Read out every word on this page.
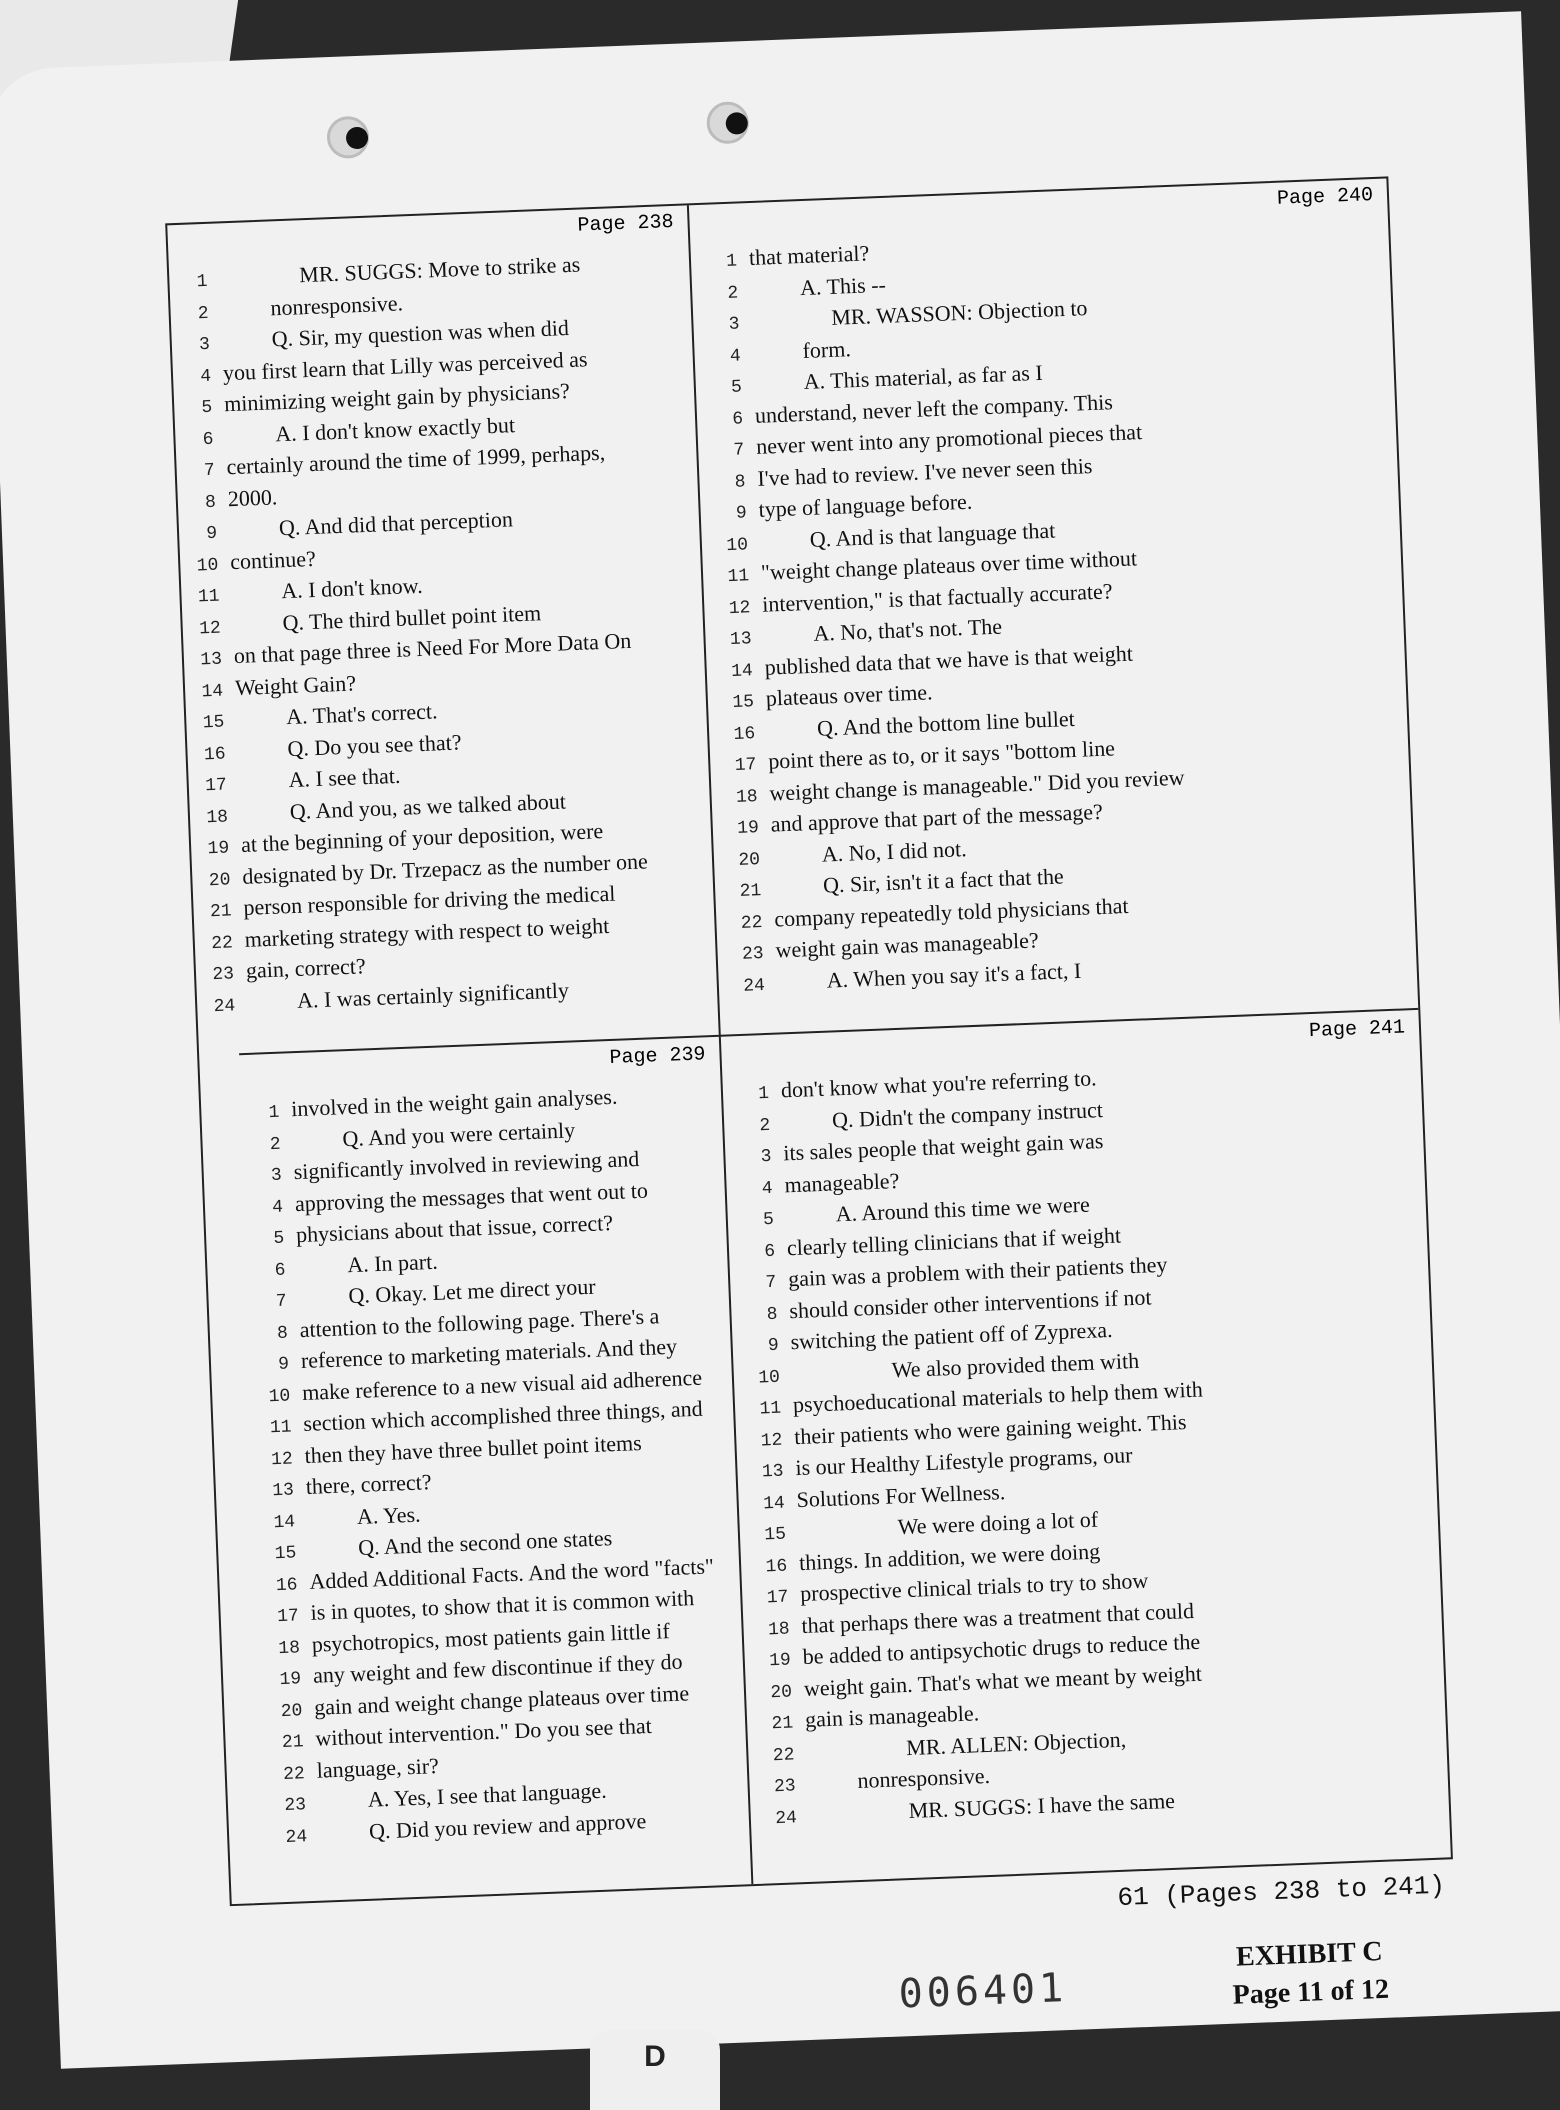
Page 238
1	MR. SUGGS: Move to strike as
2	nonresponsive.
3	Q. Sir, my question was when did
4 you first learn that Lilly was perceived as
5 minimizing weight gain by physicians?
6	A. I don't know exactly but
7 certainly around the time of 1999, perhaps,
8 2000.
9	Q. And did that perception
10 continue?
11	A. I don't know.
12	Q. The third bullet point item
13 on that page three is Need For More Data On
14 Weight Gain?
15	A. That's correct.
16	Q. Do you see that?
17	A. I see that.
18	Q. And you, as we talked about
19 at the beginning of your deposition, were
20 designated by Dr. Trzepacz as the number one
21 person responsible for driving the medical
22 marketing strategy with respect to weight
23 gain, correct?
24	A. I was certainly significantly
Page 240
1 that material?
2	A. This --
3	MR. WASSON: Objection to
4	form.
5	A. This material, as far as I
6 understand, never left the company. This
7 never went into any promotional pieces that
8 I've had to review. I've never seen this
9 type of language before.
10	Q. And is that language that
11 "weight change plateaus over time without
12 intervention," is that factually accurate?
13	A. No, that's not. The
14 published data that we have is that weight
15 plateaus over time.
16	Q. And the bottom line bullet
17 point there as to, or it says "bottom line
18 weight change is manageable." Did you review
19 and approve that part of the message?
20	A. No, I did not.
21	Q. Sir, isn't it a fact that the
22 company repeatedly told physicians that
23 weight gain was manageable?
24	A. When you say it's a fact, I
Page 239
1 involved in the weight gain analyses.
2	Q. And you were certainly
3 significantly involved in reviewing and
4 approving the messages that went out to
5 physicians about that issue, correct?
6	A. In part.
7	Q. Okay. Let me direct your
8 attention to the following page. There's a
9 reference to marketing materials. And they
10 make reference to a new visual aid adherence
11 section which accomplished three things, and
12 then they have three bullet point items
13 there, correct?
14	A. Yes.
15	Q. And the second one states
16 Added Additional Facts. And the word "facts"
17 is in quotes, to show that it is common with
18 psychotropics, most patients gain little if
19 any weight and few discontinue if they do
20 gain and weight change plateaus over time
21 without intervention." Do you see that
22 language, sir?
23	A. Yes, I see that language.
24	Q. Did you review and approve
Page 241
1 don't know what you're referring to.
2	Q. Didn't the company instruct
3 its sales people that weight gain was
4 manageable?
5	A. Around this time we were
6 clearly telling clinicians that if weight
7 gain was a problem with their patients they
8 should consider other interventions if not
9 switching the patient off of Zyprexa.
10	We also provided them with
11 psychoeducational materials to help them with
12 their patients who were gaining weight. This
13 is our Healthy Lifestyle programs, our
14 Solutions For Wellness.
15	We were doing a lot of
16 things. In addition, we were doing
17 prospective clinical trials to try to show
18 that perhaps there was a treatment that could
19 be added to antipsychotic drugs to reduce the
20 weight gain. That's what we meant by weight
21 gain is manageable.
22	MR. ALLEN: Objection,
23	nonresponsive.
24	MR. SUGGS: I have the same
61 (Pages 238 to 241)
006401
EXHIBIT C
Page 11 of 12
D
